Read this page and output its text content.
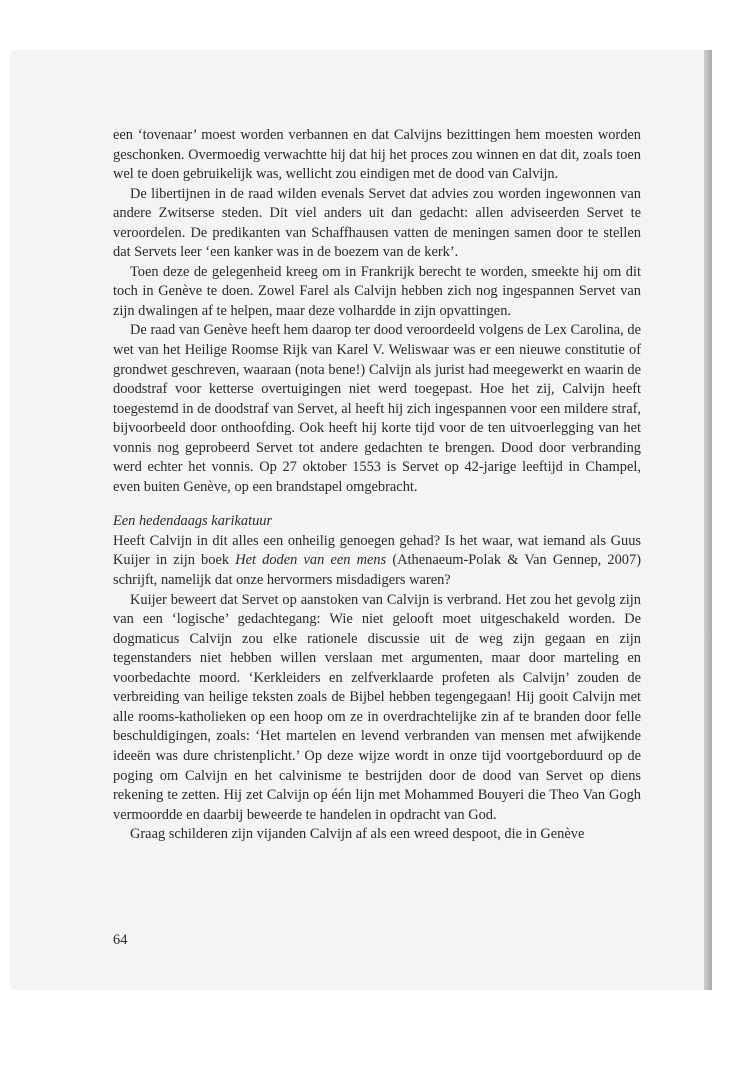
een ‘tovenaar’ moest worden verbannen en dat Calvijns bezittingen hem moesten worden geschonken. Overmoedig verwachtte hij dat hij het proces zou winnen en dat dit, zoals toen wel te doen gebruikelijk was, wellicht zou eindigen met de dood van Calvijn.

De libertijnen in de raad wilden evenals Servet dat advies zou worden ingewonnen van andere Zwitserse steden. Dit viel anders uit dan gedacht: allen adviseerden Servet te veroordelen. De predikanten van Schaffhausen vatten de meningen samen door te stellen dat Servets leer ‘een kanker was in de boezem van de kerk’.

Toen deze de gelegenheid kreeg om in Frankrijk berecht te worden, smeekte hij om dit toch in Genève te doen. Zowel Farel als Calvijn hebben zich nog ingespannen Servet van zijn dwalingen af te helpen, maar deze volhardde in zijn opvattingen.

De raad van Genève heeft hem daarop ter dood veroordeeld volgens de Lex Carolina, de wet van het Heilige Roomse Rijk van Karel V. Weliswaar was er een nieuwe constitutie of grondwet geschreven, waaraan (nota bene!) Calvijn als jurist had meegewerkt en waarin de doodstraf voor ketterse overtuigingen niet werd toegepast. Hoe het zij, Calvijn heeft toegestemd in de doodstraf van Servet, al heeft hij zich ingespannen voor een mildere straf, bijvoorbeeld door onthoofding. Ook heeft hij korte tijd voor de ten uitvoerlegging van het vonnis nog geprobeerd Servet tot andere gedachten te brengen. Dood door verbranding werd echter het vonnis. Op 27 oktober 1553 is Servet op 42-jarige leeftijd in Champel, even buiten Genève, op een brandstapel omgebracht.

Een hedendaags karikatuur

Heeft Calvijn in dit alles een onheilig genoegen gehad? Is het waar, wat iemand als Guus Kuijer in zijn boek Het doden van een mens (Athenaeum-Polak & Van Gennep, 2007) schrijft, namelijk dat onze hervormers misdadigers waren?

Kuijer beweert dat Servet op aanstoken van Calvijn is verbrand. Het zou het gevolg zijn van een ‘logische’ gedachtegang: Wie niet gelooft moet uitgeschakeld worden. De dogmaticus Calvijn zou elke rationele discussie uit de weg zijn gegaan en zijn tegenstanders niet hebben willen verslaan met argumenten, maar door marteling en voorbedachte moord. ‘Kerkleiders en zelfverklaarde profeten als Calvijn’ zouden de verbreiding van heilige teksten zoals de Bijbel hebben tegengegaan! Hij gooit Calvijn met alle rooms-katholieken op een hoop om ze in overdrachtelijke zin af te branden door felle beschuldigingen, zoals: ‘Het martelen en levend verbranden van mensen met afwijkende ideeën was dure christenplicht.’ Op deze wijze wordt in onze tijd voortgeborduurd op de poging om Calvijn en het calvinisme te bestrijden door de dood van Servet op diens rekening te zetten. Hij zet Calvijn op één lijn met Mohammed Bouyeri die Theo Van Gogh vermoordde en daarbij beweerde te handelen in opdracht van God.

Graag schilderen zijn vijanden Calvijn af als een wreed despoot, die in Genève

64
